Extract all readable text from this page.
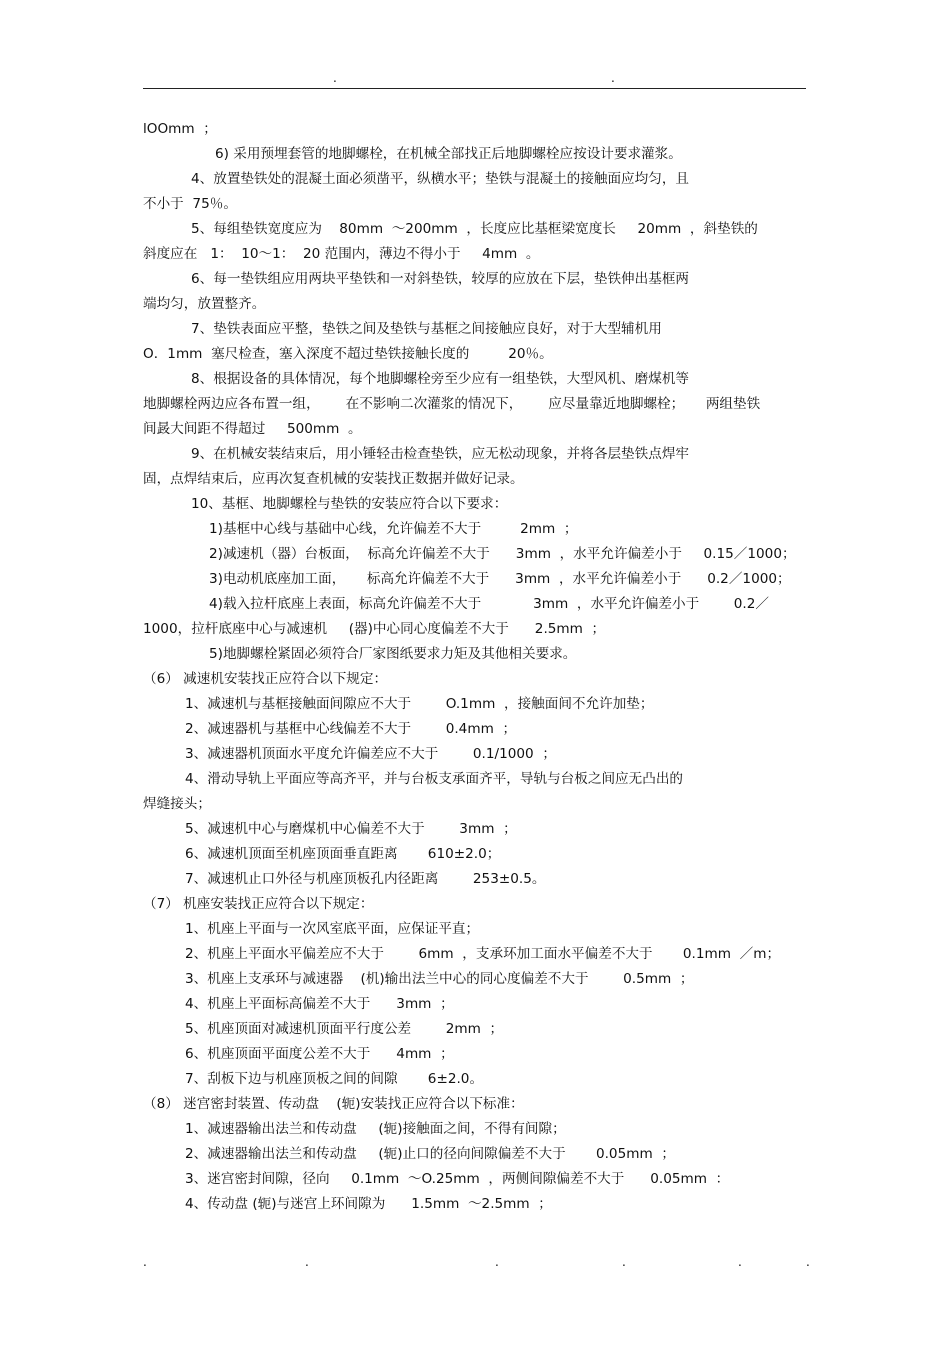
.	.
lOOmm  ；
6) 采用预埋套管的地脚螺栓，在机械全部找正后地脚螺栓应按设计要求灌浆。
4、放置垫铁处的混凝土面必须凿平，纵横水平；垫铁与混凝土的接触面应均匀，且
不小于  75％。
5、每组垫铁宽度应为    80mm  ～200mm  ，长度应比基框梁宽度长     20mm  ，斜垫铁的
斜度应在   1：  10～1：  20 范围内，薄边不得小于     4mm  。
6、每一垫铁组应用两块平垫铁和一对斜垫铁，较厚的应放在下层，垫铁伸出基框两
端均匀，放置整齐。
7、垫铁表面应平整，垫铁之间及垫铁与基框之间接触应良好，对于大型辅机用
O．1mm  塞尺检查，塞入深度不超过垫铁接触长度的         20％。
8、根据设备的具体情况，每个地脚螺栓旁至少应有一组垫铁，大型风机、磨煤机等
地脚螺栓两边应各布置一组，      在不影响二次灌浆的情况下，      应尽量靠近地脚螺栓；     两组垫铁
间晸大间距不得超过     500mm  。
9、在机械安装结束后，用小锤轻击检查垫铁，应无松动现象，并将各层垫铁点焊牢
固，点焊结束后，应再次复查机械的安装找正数据并做好记录。
10、基框、地脚螺栓与垫铁的安装应符合以下要求：
1)基框中心线与基础中心线，允许偏差不大于         2mm  ；
2)减速机（器）台板面，  标高允许偏差不大于      3mm  ，水平允许偏差小于     0.15／1000；
3)电动机底座加工面，     标高允许偏差不大于      3mm  ，水平允许偏差小于      0.2／1000；
4)载入拉杆底座上表面，标高允许偏差不大于            3mm  ，水平允许偏差小于        0.2／
1000，拉杆底座中心与减速机     (器)中心同心度偏差不大于      2.5mm  ；
5)地脚螺栓紧固必须符合厂家图纸要求力矩及其他相关要求。
（6） 减速机安装找正应符合以下规定：
1、减速机与基框接触面间隙应不大于        O.1mm  ，接触面间不允许加垫；
2、减速器机与基框中心线偏差不大于        0.4mm  ；
3、减速器机顶面水平度允许偏差应不大于        0.1/1000  ；
4、滑动导轨上平面应等高齐平，并与台板支承面齐平，导轨与台板之间应无凸出的
焊缝接头；
5、减速机中心与磨煤机中心偏差不大于        3mm  ；
6、减速机顶面至机座顶面垂直距离       610±2.0；
7、减速机止口外径与机座顶板孔内径距离        253±0.5。
（7） 机座安装找正应符合以下规定：
1、机座上平面与一次风室底平面，应保证平直；
2、机座上平面水平偏差应不大于        6mm  ，支承环加工面水平偏差不大于       0.1mm  ／m；
3、机座上支承环与减速器    (机)输出法兰中心的同心度偏差不大于        0.5mm  ；
4、机座上平面标高偏差不大于      3mm  ；
5、机座顶面对减速机顶面平行度公差        2mm  ；
6、机座顶面平面度公差不大于      4mm  ；
7、刮板下边与机座顶板之间的间隙       6±2.0。
（8） 迷宫密封装置、传动盘    (轭)安装找正应符合以下标准：
1、减速器输出法兰和传动盘     (轭)接触面之间，不得有间隙；
2、减速器输出法兰和传动盘     (轭)止口的径向间隙偏差不大于       0.05mm  ；
3、迷宫密封间隙，径向     0.1mm  ～O.25mm  ，两侧间隙偏差不大于      0.05mm  ：
4、传动盘 (轭)与迷宫上环间隙为      1.5mm  ～2.5mm  ；
.	.	.	.	.	.
